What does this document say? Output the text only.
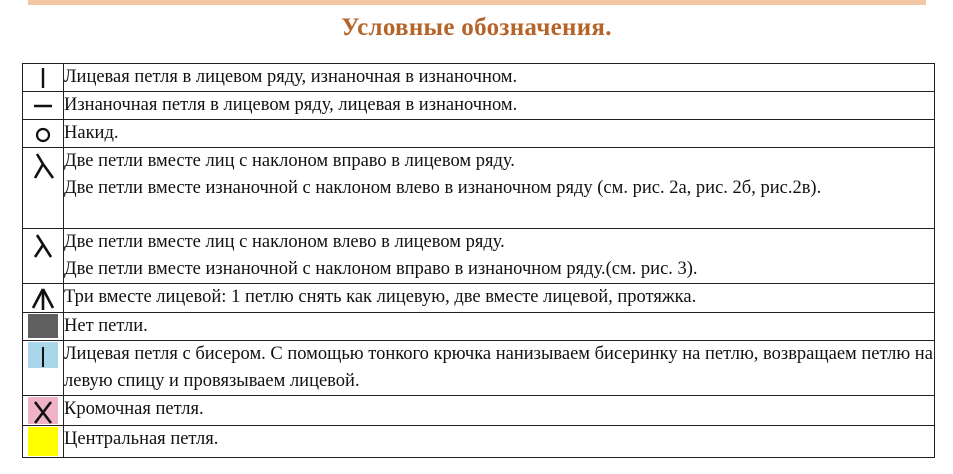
Условные обозначения.

Лицевая петля в лицевом ряду, изнаночная в изнаночном.

Изнаночная петля в лицевом ряду, лицевая в изнаночном.

Накид.

Две петли вместе лиц с наклоном вправо в лицевом ряду.
Две петли вместе изнаночной с наклоном влево в изнаночном ряду (см. рис. 2а, рис. 2б, рис.2в).

Две петли вместе лиц с наклоном влево в лицевом ряду.
Две петли вместе изнаночной с наклоном вправо в изнаночном ряду.(см. рис. 3).

Три вместе лицевой: 1 петлю снять как лицевую, две вместе лицевой, протяжка.

	Нет петли.

Лицевая петля с бисером. С помощью тонкого крючка нанизываем бисеринку на петлю, возвращаем петлю на левую спицу и провязываем лицевой.

Кромочная петля.

	Центральная петля.
